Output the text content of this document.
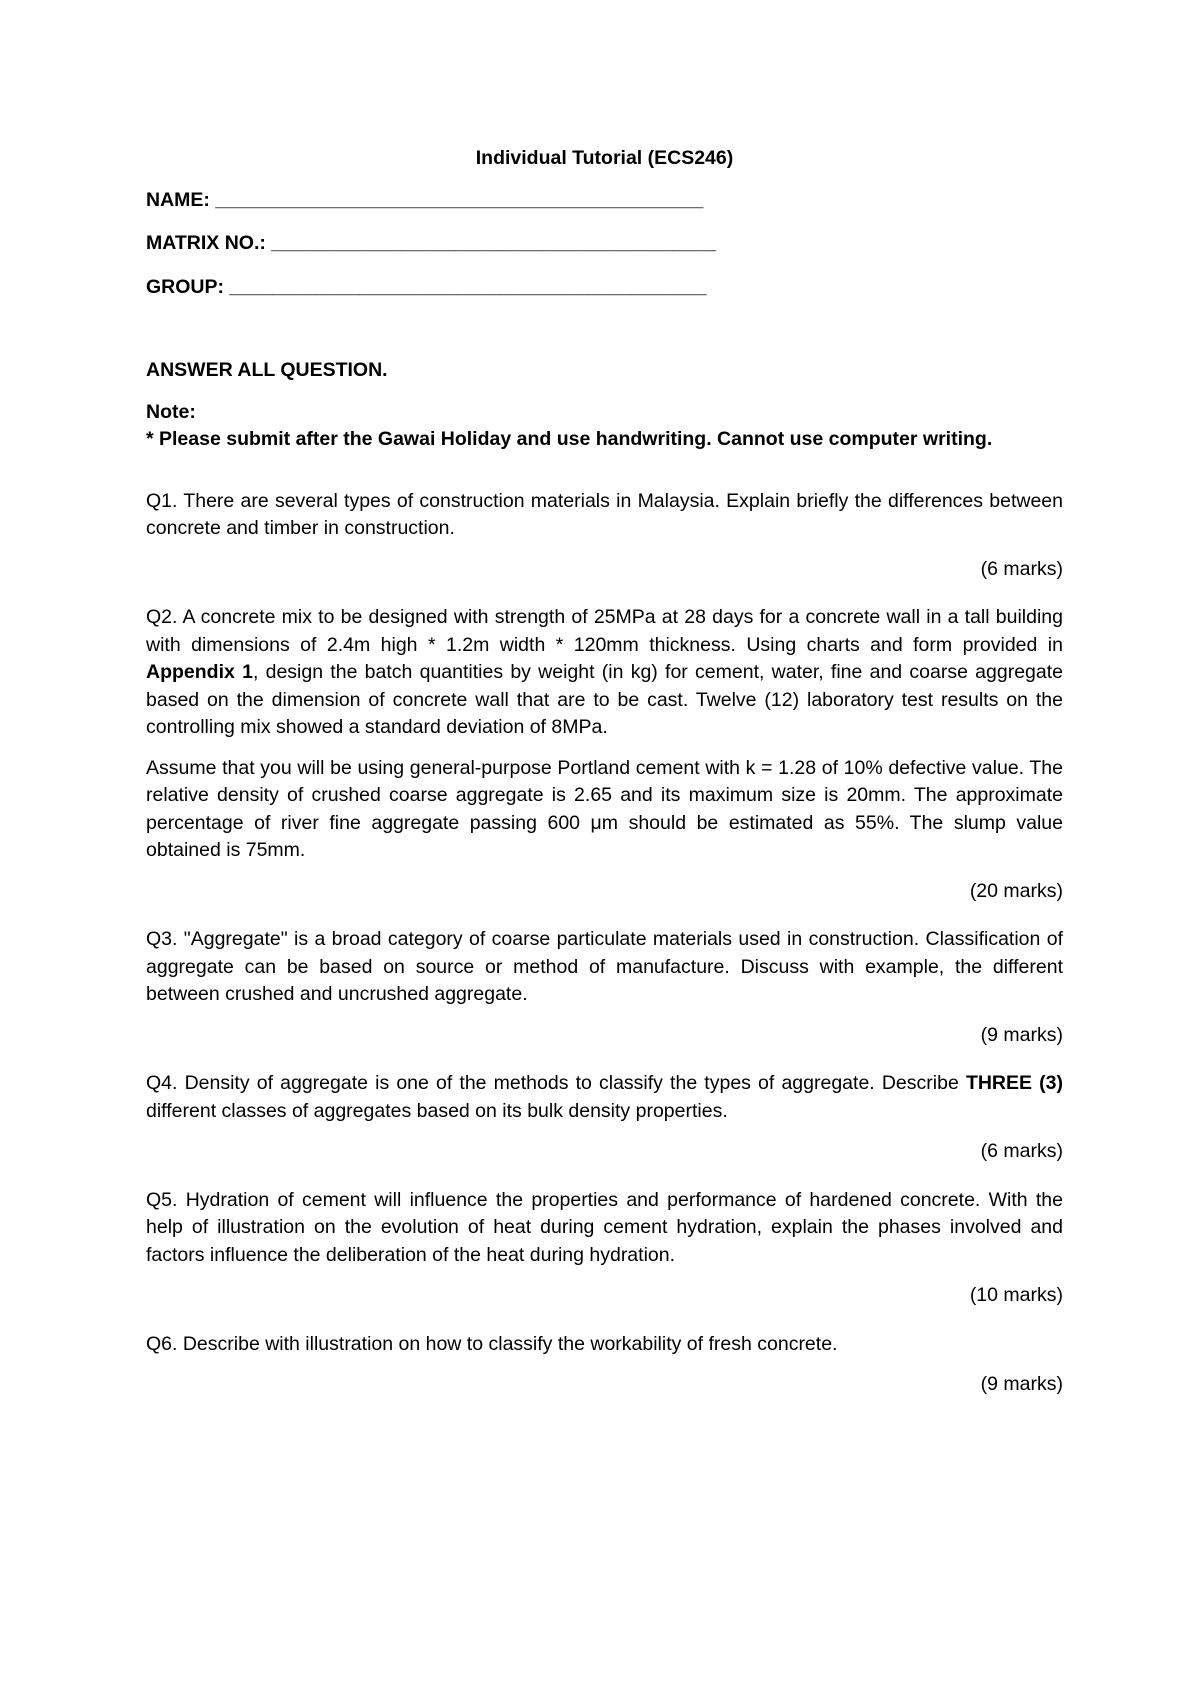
Individual Tutorial (ECS246)

NAME: _____________________________________________

MATRIX NO.: _________________________________________

GROUP: ____________________________________________

ANSWER ALL QUESTION.

Note:

* Please submit after the Gawai Holiday and use handwriting. Cannot use computer writing.

Q1. There are several types of construction materials in Malaysia. Explain briefly the differences between concrete and timber in construction.

(6 marks)

Q2. A concrete mix to be designed with strength of 25MPa at 28 days for a concrete wall in a tall building with dimensions of 2.4m high * 1.2m width * 120mm thickness. Using charts and form provided in Appendix 1, design the batch quantities by weight (in kg) for cement, water, fine and coarse aggregate based on the dimension of concrete wall that are to be cast. Twelve (12) laboratory test results on the controlling mix showed a standard deviation of 8MPa.

Assume that you will be using general-purpose Portland cement with k = 1.28 of 10% defective value. The relative density of crushed coarse aggregate is 2.65 and its maximum size is 20mm. The approximate percentage of river fine aggregate passing 600 μm should be estimated as 55%. The slump value obtained is 75mm.

(20 marks)

Q3. "Aggregate" is a broad category of coarse particulate materials used in construction. Classification of aggregate can be based on source or method of manufacture. Discuss with example, the different between crushed and uncrushed aggregate.

(9 marks)

Q4. Density of aggregate is one of the methods to classify the types of aggregate. Describe THREE (3) different classes of aggregates based on its bulk density properties.

(6 marks)

Q5. Hydration of cement will influence the properties and performance of hardened concrete. With the help of illustration on the evolution of heat during cement hydration, explain the phases involved and factors influence the deliberation of the heat during hydration.

(10 marks)

Q6. Describe with illustration on how to classify the workability of fresh concrete.

(9 marks)
